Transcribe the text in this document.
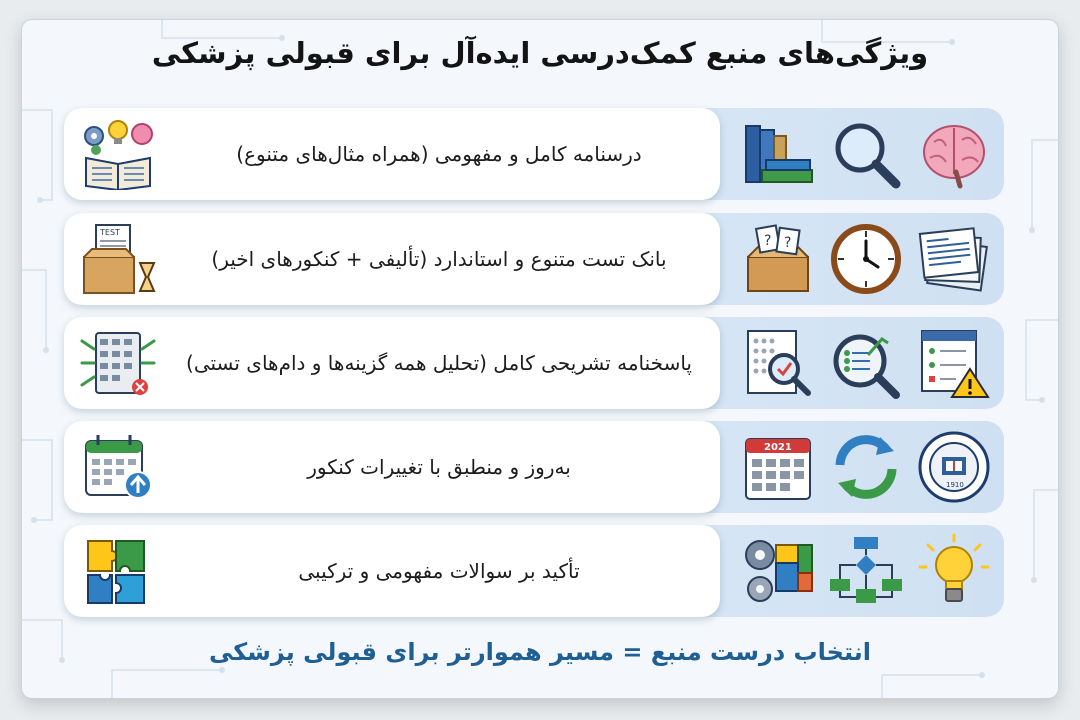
ویژگی‌های منبع کمک‌درسی ایده‌آل برای قبولی پزشکی
درسنامه کامل و مفهومی (همراه مثال‌های متنوع)
TEST
بانک تست متنوع و استاندارد (تألیفی + کنکورهای اخیر)
? ?
پاسخنامه تشریحی کامل (تحلیل همه گزینه‌ها و دام‌های تستی)
به‌روز و منطبق با تغییرات کنکور
2021
1910
تأکید بر سوالات مفهومی و ترکیبی
انتخاب درست منبع = مسیر هموارتر برای قبولی پزشکی
